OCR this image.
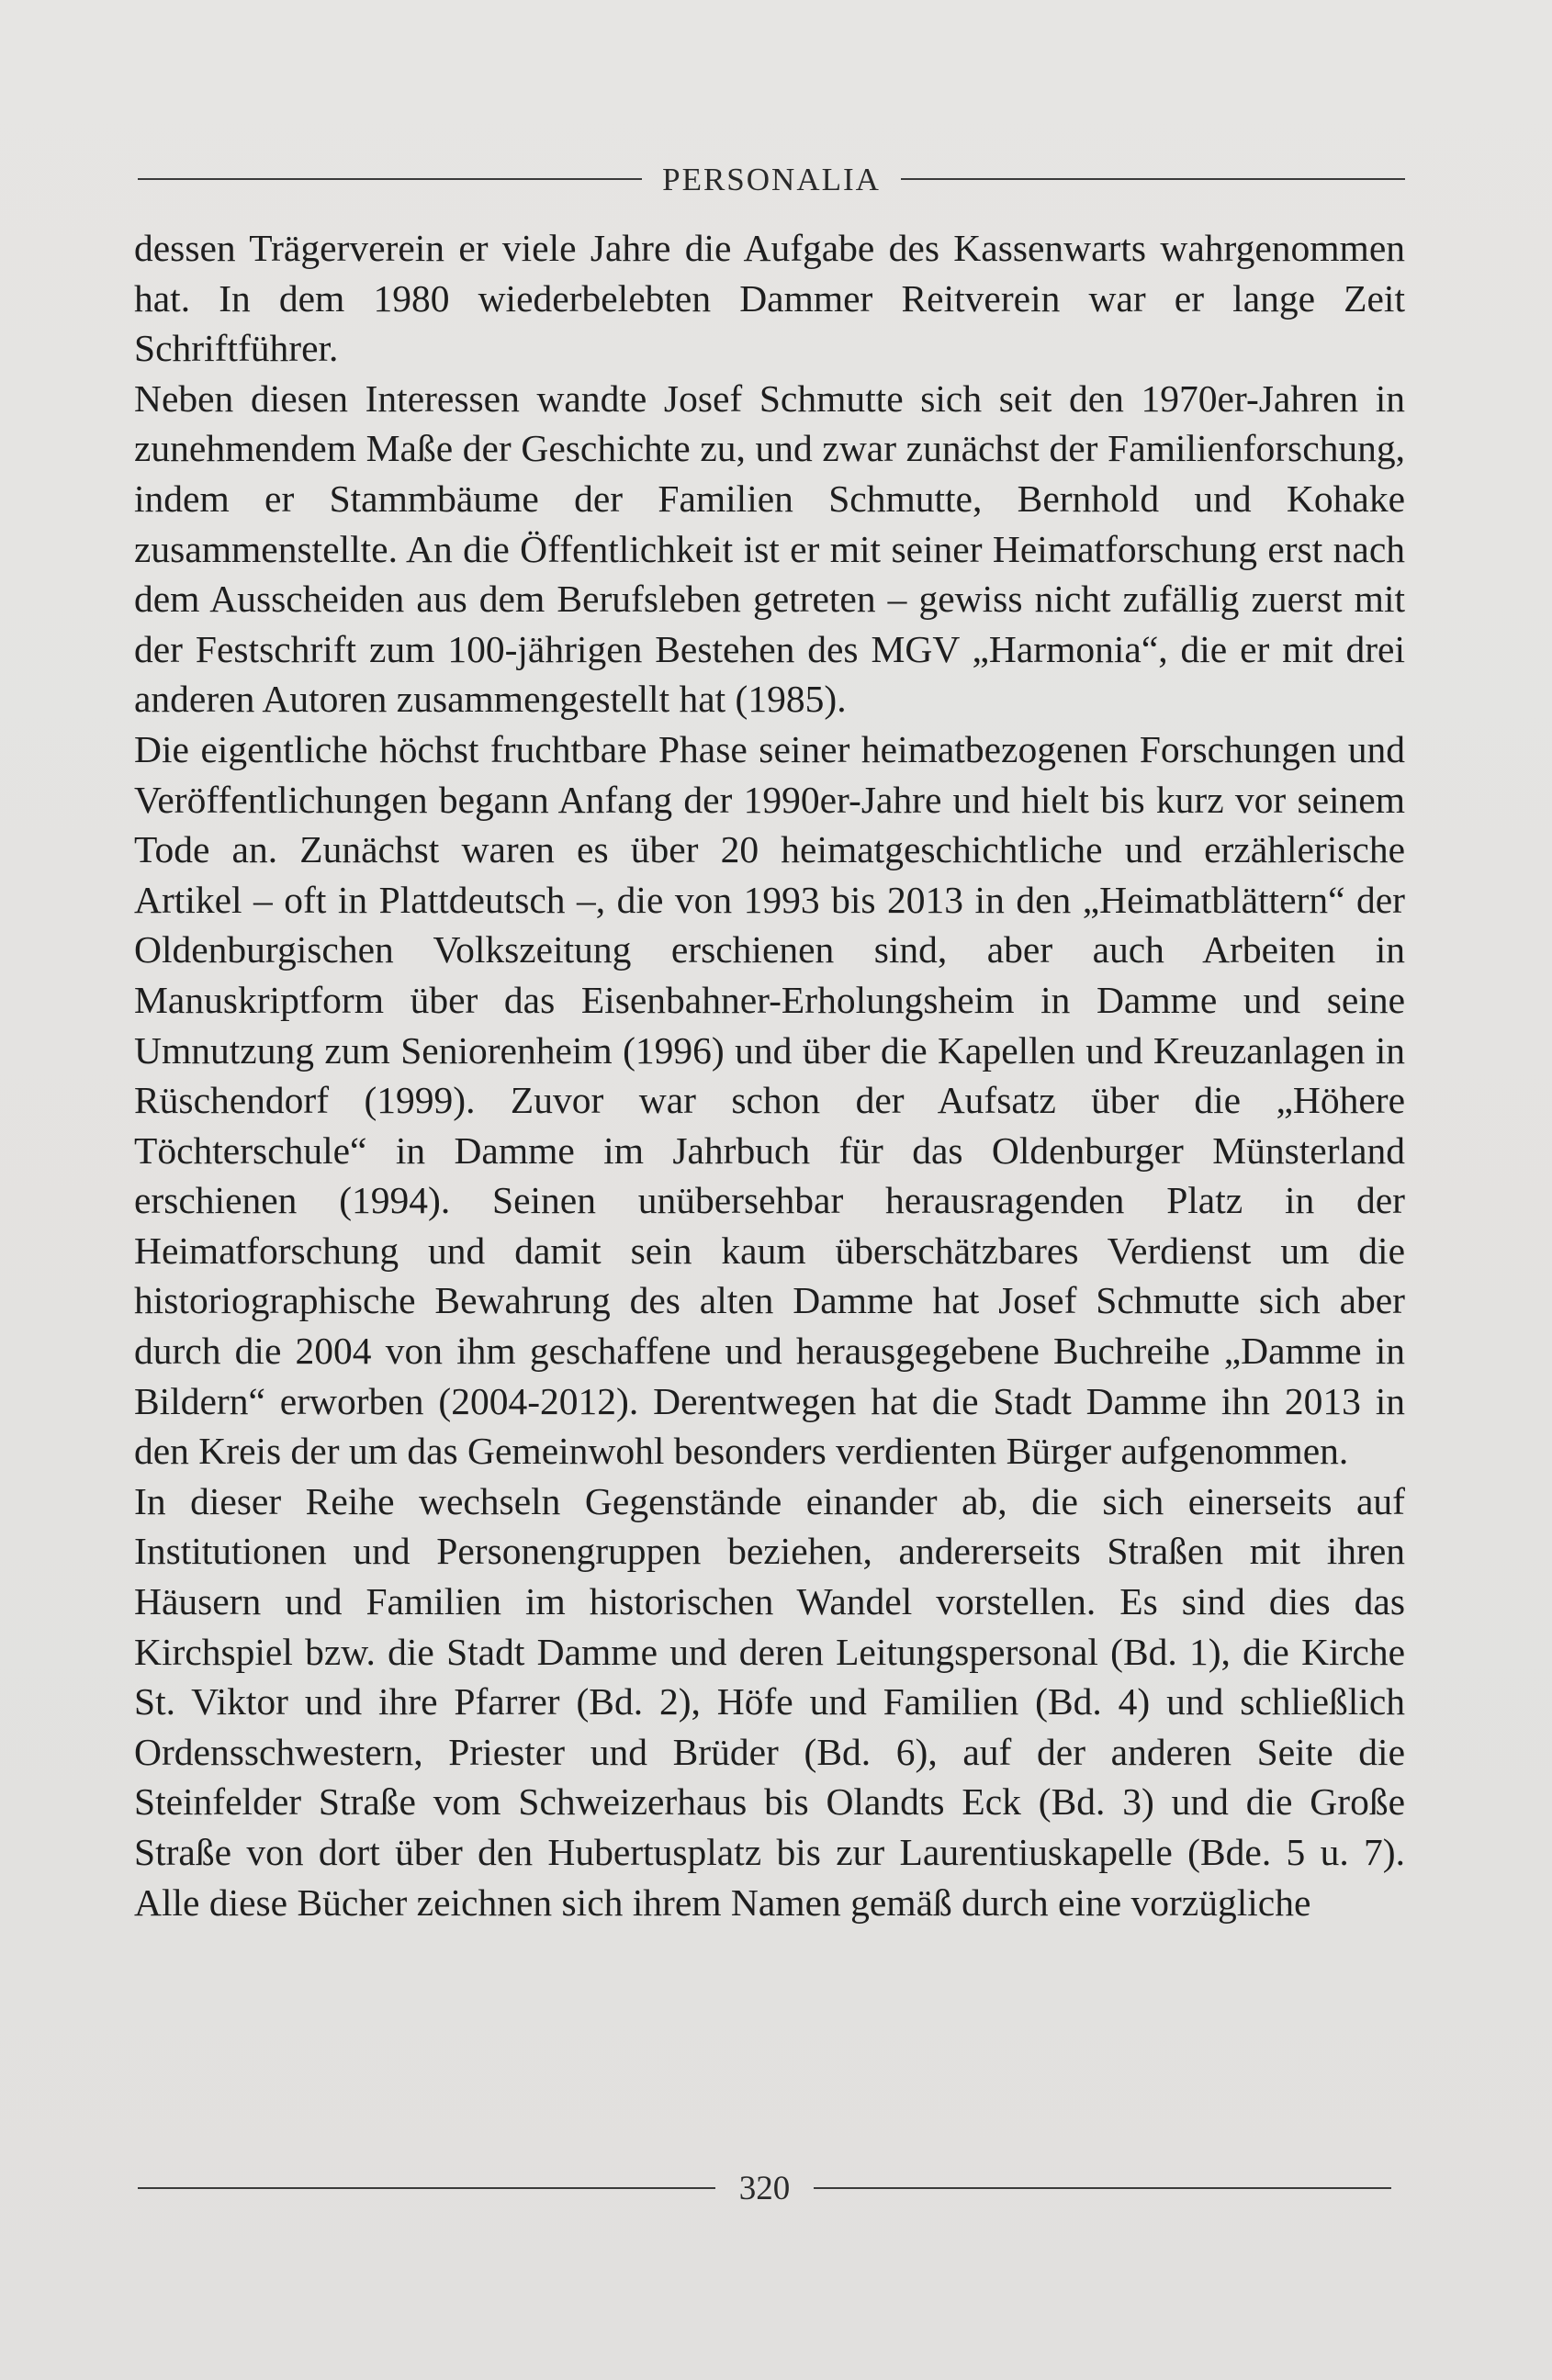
PERSONALIA

dessen Trägerverein er viele Jahre die Aufgabe des Kassenwarts wahrgenommen hat. In dem 1980 wiederbelebten Dammer Reitverein war er lange Zeit Schriftführer.

Neben diesen Interessen wandte Josef Schmutte sich seit den 1970er-Jahren in zunehmendem Maße der Geschichte zu, und zwar zunächst der Familienforschung, indem er Stammbäume der Familien Schmutte, Bernhold und Kohake zusammenstellte. An die Öffentlichkeit ist er mit seiner Heimatforschung erst nach dem Ausscheiden aus dem Berufsleben getreten – gewiss nicht zufällig zuerst mit der Festschrift zum 100-jährigen Bestehen des MGV „Harmonia“, die er mit drei anderen Autoren zusammengestellt hat (1985).

Die eigentliche höchst fruchtbare Phase seiner heimatbezogenen Forschungen und Veröffentlichungen begann Anfang der 1990er-Jahre und hielt bis kurz vor seinem Tode an. Zunächst waren es über 20 heimatgeschichtliche und erzählerische Artikel – oft in Plattdeutsch –, die von 1993 bis 2013 in den „Heimatblättern“ der Oldenburgischen Volkszeitung erschienen sind, aber auch Arbeiten in Manuskriptform über das Eisenbahner-Erholungsheim in Damme und seine Umnutzung zum Seniorenheim (1996) und über die Kapellen und Kreuzanlagen in Rüschendorf (1999). Zuvor war schon der Aufsatz über die „Höhere Töchterschule“ in Damme im Jahrbuch für das Oldenburger Münsterland erschienen (1994). Seinen unübersehbar herausragenden Platz in der Heimatforschung und damit sein kaum überschätzbares Verdienst um die historiographische Bewahrung des alten Damme hat Josef Schmutte sich aber durch die 2004 von ihm geschaffene und herausgegebene Buchreihe „Damme in Bildern“ erworben (2004-2012). Derentwegen hat die Stadt Damme ihn 2013 in den Kreis der um das Gemeinwohl besonders verdienten Bürger aufgenommen.

In dieser Reihe wechseln Gegenstände einander ab, die sich einerseits auf Institutionen und Personengruppen beziehen, andererseits Straßen mit ihren Häusern und Familien im historischen Wandel vorstellen. Es sind dies das Kirchspiel bzw. die Stadt Damme und deren Leitungspersonal (Bd. 1), die Kirche St. Viktor und ihre Pfarrer (Bd. 2), Höfe und Familien (Bd. 4) und schließlich Ordensschwestern, Priester und Brüder (Bd. 6), auf der anderen Seite die Steinfelder Straße vom Schweizerhaus bis Olandts Eck (Bd. 3) und die Große Straße von dort über den Hubertusplatz bis zur Laurentiuskapelle (Bde. 5 u. 7). Alle diese Bücher zeichnen sich ihrem Namen gemäß durch eine vorzügliche

320
